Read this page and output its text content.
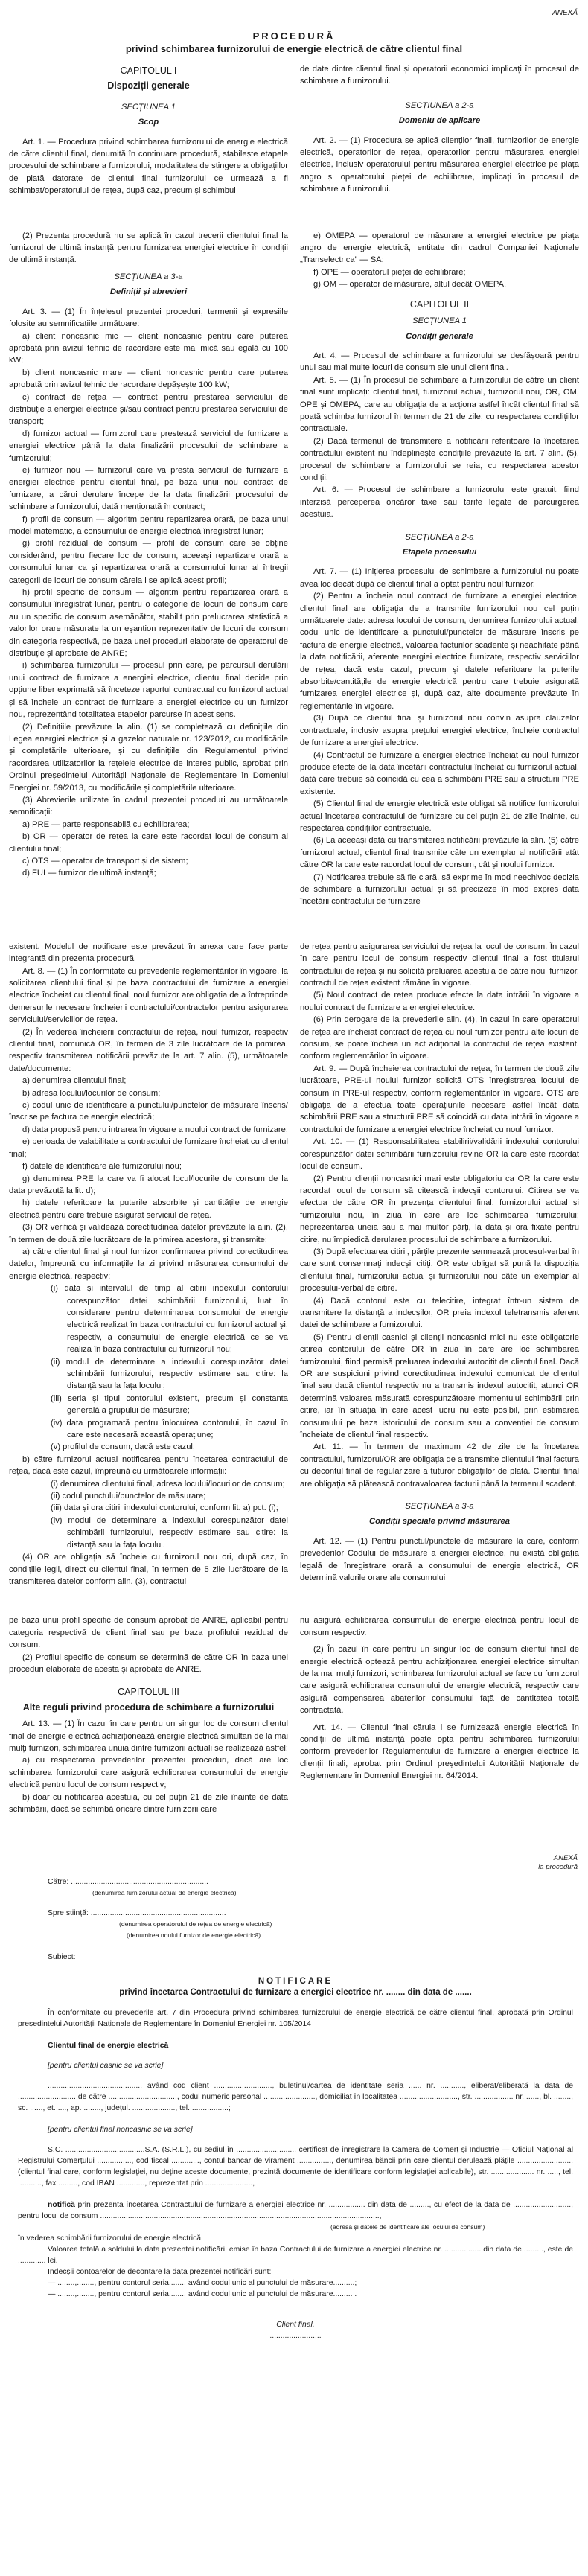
ANEXĂ
PROCEDURĂ
privind schimbarea furnizorului de energie electrică de către clientul final
CAPITOLUL I
Dispoziții generale
SECȚIUNEA 1
Scop

Art. 1. — Procedura privind schimbarea furnizorului de energie electrică de către clientul final, denumită în continuare procedură, stabilește etapele procesului de schimbare a furnizorului, modalitatea de stingere a obligațiilor de plată datorate de clientul final furnizorului ce urmează a fi schimbat/operatorului de rețea, după caz, precum și schimbul

de date dintre clientul final și operatorii economici implicați în procesul de schimbare a furnizorului.

SECȚIUNEA a 2-a
Domeniu de aplicare

Art. 2. — (1) Procedura se aplică clienților finali, furnizorilor de energie electrică, operatorilor de rețea, operatorilor pentru măsurarea energiei electrice, inclusiv operatorului pentru măsurarea energiei electrice pe piața angro și operatorului pieței de echilibrare, implicați în procesul de schimbare a furnizorului.

(2) Prezenta procedură nu se aplică în cazul trecerii clientului final la furnizorul de ultimă instanță pentru furnizarea energiei electrice în condiții de ultimă instanță.

SECȚIUNEA a 3-a
Definiții și abrevieri

Art. 3. — (1) În înțelesul prezentei proceduri, termenii și expresiile folosite au semnificațiile următoare:

a) client noncasnic mic — client noncasnic pentru care puterea aprobată prin avizul tehnic de racordare este mai mică sau egală cu 100 kW;

b) client noncasnic mare — client noncasnic pentru care puterea aprobată prin avizul tehnic de racordare depășește 100 kW;

c) contract de rețea — contract pentru prestarea serviciului de distribuție a energiei electrice și/sau contract pentru prestarea serviciului de transport;

d) furnizor actual — furnizorul care prestează serviciul de furnizare a energiei electrice până la data finalizării procesului de schimbare a furnizorului;

e) furnizor nou — furnizorul care va presta serviciul de furnizare a energiei electrice pentru clientul final, pe baza unui nou contract de furnizare, a cărui derulare începe de la data finalizării procesului de schimbare a furnizorului, dată menționată în contract;

f) profil de consum — algoritm pentru repartizarea orară, pe baza unui model matematic, a consumului de energie electrică înregistrat lunar;

g) profil rezidual de consum — profil de consum care se obține considerând, pentru fiecare loc de consum, aceeași repartizare orară a consumului lunar ca și repartizarea orară a consumului lunar al întregii categorii de locuri de consum căreia i se aplică acest profil;

h) profil specific de consum — algoritm pentru repartizarea orară a consumului înregistrat lunar, pentru o categorie de locuri de consum care au un specific de consum asemănător, stabilit prin prelucrarea statistică a valorilor orare măsurate la un eșantion reprezentativ de locuri de consum din categoria respectivă, pe baza unei proceduri elaborate de operatorul de distribuție și aprobate de ANRE;

i) schimbarea furnizorului — procesul prin care, pe parcursul derulării unui contract de furnizare a energiei electrice, clientul final decide prin opțiune liber exprimată să înceteze raportul contractual cu furnizorul actual și să încheie un contract de furnizare a energiei electrice cu un furnizor nou, reprezentând totalitatea etapelor parcurse în acest sens.

(2) Definițiile prevăzute la alin. (1) se completează cu definițiile din Legea energiei electrice și a gazelor naturale nr. 123/2012, cu modificările și completările ulterioare, și cu definițiile din Regulamentul privind racordarea utilizatorilor la rețelele electrice de interes public, aprobat prin Ordinul președintelui Autorității Naționale de Reglementare în Domeniul Energiei nr. 59/2013, cu modificările și completările ulterioare.

(3) Abrevierile utilizate în cadrul prezentei proceduri au următoarele semnificații:

a) PRE — parte responsabilă cu echilibrarea;

b) OR — operator de rețea la care este racordat locul de consum al clientului final;

c) OTS — operator de transport și de sistem;

d) FUI — furnizor de ultimă instanță;

e) OMEPA — operatorul de măsurare a energiei electrice pe piața angro de energie electrică, entitate din cadrul Companiei Naționale „Transelectrica” — SA;

f) OPE — operatorul pieței de echilibrare;

g) OM — operator de măsurare, altul decât OMEPA.

CAPITOLUL II
SECȚIUNEA 1
Condiții generale

Art. 4. — Procesul de schimbare a furnizorului se desfășoară pentru unul sau mai multe locuri de consum ale unui client final.

Art. 5. — (1) În procesul de schimbare a furnizorului de către un client final sunt implicați: clientul final, furnizorul actual, furnizorul nou, OR, OM, OPE și OMEPA, care au obligația de a acționa astfel încât clientul final să poată schimba furnizorul în termen de 21 de zile, cu respectarea condițiilor contractuale.

(2) Dacă termenul de transmitere a notificării referitoare la încetarea contractului existent nu îndeplinește condițiile prevăzute la art. 7 alin. (5), procesul de schimbare a furnizorului se reia, cu respectarea acestor condiții.

Art. 6. — Procesul de schimbare a furnizorului este gratuit, fiind interzisă perceperea oricăror taxe sau tarife legate de parcurgerea acestuia.

SECȚIUNEA a 2-a
Etapele procesului

Art. 7. — (1) Inițierea procesului de schimbare a furnizorului nu poate avea loc decât după ce clientul final a optat pentru noul furnizor.

(2) Pentru a încheia noul contract de furnizare a energiei electrice, clientul final are obligația de a transmite furnizorului nou cel puțin următoarele date: adresa locului de consum, denumirea furnizorului actual, codul unic de identificare a punctului/punctelor de măsurare înscris pe factura de energie electrică, valoarea facturilor scadente și neachitate până la data notificării, aferente energiei electrice furnizate, respectiv serviciilor de rețea, dacă este cazul, precum și datele referitoare la puterile absorbite/cantitățile de energie electrică pentru care trebuie asigurată furnizarea energiei electrice și, după caz, alte documente prevăzute în reglementările în vigoare.

(3) După ce clientul final și furnizorul nou convin asupra clauzelor contractuale, inclusiv asupra prețului energiei electrice, încheie contractul de furnizare a energiei electrice.

(4) Contractul de furnizare a energiei electrice încheiat cu noul furnizor produce efecte de la data încetării contractului încheiat cu furnizorul actual, dată care trebuie să coincidă cu cea a schimbării PRE sau a structurii PRE existente.

(5) Clientul final de energie electrică este obligat să notifice furnizorului actual încetarea contractului de furnizare cu cel puțin 21 de zile înainte, cu respectarea condițiilor contractuale.

(6) La aceeași dată cu transmiterea notificării prevăzute la alin. (5) către furnizorul actual, clientul final transmite câte un exemplar al notificării atât către OR la care este racordat locul de consum, cât și noului furnizor.

(7) Notificarea trebuie să fie clară, să exprime în mod neechivoc decizia de schimbare a furnizorului actual și să precizeze în mod expres data încetării contractului de furnizare

existent. Modelul de notificare este prevăzut în anexa care face parte integrantă din prezenta procedură.

Art. 8. — (1) În conformitate cu prevederile reglementărilor în vigoare, la solicitarea clientului final și pe baza contractului de furnizare a energiei electrice încheiat cu clientul final, noul furnizor are obligația de a întreprinde demersurile necesare încheierii contractului/contractelor pentru asigurarea serviciului/serviciilor de rețea.

(2) În vederea încheierii contractului de rețea, noul furnizor, respectiv clientul final, comunică OR, în termen de 3 zile lucrătoare de la primirea, respectiv transmiterea notificării prevăzute la art. 7 alin. (5), următoarele date/documente:

a) denumirea clientului final;

b) adresa locului/locurilor de consum;

c) codul unic de identificare a punctului/punctelor de măsurare înscris/înscrise pe factura de energie electrică;

d) data propusă pentru intrarea în vigoare a noului contract de furnizare;

e) perioada de valabilitate a contractului de furnizare încheiat cu clientul final;

f) datele de identificare ale furnizorului nou;

g) denumirea PRE la care va fi alocat locul/locurile de consum de la data prevăzută la lit. d);

h) datele referitoare la puterile absorbite și cantitățile de energie electrică pentru care trebuie asigurat serviciul de rețea.

(3) OR verifică și validează corectitudinea datelor prevăzute la alin. (2), în termen de două zile lucrătoare de la primirea acestora, și transmite:

a) către clientul final și noul furnizor confirmarea privind corectitudinea datelor, împreună cu informațiile la zi privind măsurarea consumului de energie electrică, respectiv:

(i) data și intervalul de timp al citirii indexului contorului corespunzător datei schimbării furnizorului, luat în considerare pentru determinarea consumului de energie electrică realizat în baza contractului cu furnizorul actual și, respectiv, a consumului de energie electrică ce se va realiza în baza contractului cu furnizorul nou;

(ii) modul de determinare a indexului corespunzător datei schimbării furnizorului, respectiv estimare sau citire: la distanță sau la fața locului;

(iii) seria și tipul contorului existent, precum și constanta generală a grupului de măsurare;

(iv) data programată pentru înlocuirea contorului, în cazul în care este necesară această operațiune;

(v) profilul de consum, dacă este cazul;

b) către furnizorul actual notificarea pentru încetarea contractului de rețea, dacă este cazul, împreună cu următoarele informații:

(i) denumirea clientului final, adresa locului/locurilor de consum;

(ii) codul punctului/punctelor de măsurare;

(iii) data și ora citirii indexului contorului, conform lit. a) pct. (i);

(iv) modul de determinare a indexului corespunzător datei schimbării furnizorului, respectiv estimare sau citire: la distanță sau la fața locului.

(4) OR are obligația să încheie cu furnizorul nou ori, după caz, în condițiile legii, direct cu clientul final, în termen de 5 zile lucrătoare de la transmiterea datelor conform alin. (3), contractul

de rețea pentru asigurarea serviciului de rețea la locul de consum. În cazul în care pentru locul de consum respectiv clientul final a fost titularul contractului de rețea și nu solicită preluarea acestuia de către noul furnizor, contractul de rețea existent rămâne în vigoare.

(5) Noul contract de rețea produce efecte la data intrării în vigoare a noului contract de furnizare a energiei electrice.

(6) Prin derogare de la prevederile alin. (4), în cazul în care operatorul de rețea are încheiat contract de rețea cu noul furnizor pentru alte locuri de consum, se poate încheia un act adițional la contractul de rețea existent, conform reglementărilor în vigoare.

Art. 9. — După încheierea contractului de rețea, în termen de două zile lucrătoare, PRE-ul noului furnizor solicită OTS înregistrarea locului de consum în PRE-ul respectiv, conform reglementărilor în vigoare. OTS are obligația de a efectua toate operațiunile necesare astfel încât data schimbării PRE sau a structurii PRE să coincidă cu data intrării în vigoare a contractului de furnizare a energiei electrice încheiat cu noul furnizor.

Art. 10. — (1) Responsabilitatea stabilirii/validării indexului contorului corespunzător datei schimbării furnizorului revine OR la care este racordat locul de consum.

(2) Pentru clienții noncasnici mari este obligatoriu ca OR la care este racordat locul de consum să citească indecșii contorului. Citirea se va efectua de către OR în prezența clientului final, furnizorului actual și furnizorului nou, în ziua în care are loc schimbarea furnizorului; neprezentarea uneia sau a mai multor părți, la data și ora fixate pentru citire, nu împiedică derularea procesului de schimbare a furnizorului.

(3) După efectuarea citirii, părțile prezente semnează procesul-verbal în care sunt consemnați indecșii citiți. OR este obligat să pună la dispoziția clientului final, furnizorului actual și furnizorului nou câte un exemplar al procesului-verbal de citire.

(4) Dacă contorul este cu telecitire, integrat într-un sistem de transmitere la distanță a indecșilor, OR preia indexul teletransmis aferent datei de schimbare a furnizorului.

(5) Pentru clienții casnici și clienții noncasnici mici nu este obligatorie citirea contorului de către OR în ziua în care are loc schimbarea furnizorului, fiind permisă preluarea indexului autocitit de clientul final. Dacă OR are suspiciuni privind corectitudinea indexului comunicat de clientul final sau dacă clientul respectiv nu a transmis indexul autocitit, atunci OR determină valoarea măsurată corespunzătoare momentului schimbării prin citire, iar în situația în care acest lucru nu este posibil, prin estimarea consumului pe baza istoricului de consum sau a convenției de consum încheiate de clientul final respectiv.

Art. 11. — În termen de maximum 42 de zile de la încetarea contractului, furnizorul/OR are obligația de a transmite clientului final factura cu decontul final de regularizare a tuturor obligațiilor de plată. Clientul final are obligația să plătească contravaloarea facturii până la termenul scadent.

SECȚIUNEA a 3-a
Condiții speciale privind măsurarea

Art. 12. — (1) Pentru punctul/punctele de măsurare la care, conform prevederilor Codului de măsurare a energiei electrice, nu există obligația legală de înregistrare orară a consumului de energie electrică, OR determină valorile orare ale consumului

pe baza unui profil specific de consum aprobat de ANRE, aplicabil pentru categoria respectivă de client final sau pe baza profilului rezidual de consum.

(2) Profilul specific de consum se determină de către OR în baza unei proceduri elaborate de acesta și aprobate de ANRE.

CAPITOLUL III
Alte reguli privind procedura de schimbare a furnizorului

Art. 13. — (1) În cazul în care pentru un singur loc de consum clientul final de energie electrică achiziționează energie electrică simultan de la mai mulți furnizori, schimbarea unuia dintre furnizorii actuali se realizează astfel:

a) cu respectarea prevederilor prezentei proceduri, dacă are loc schimbarea furnizorului care asigură echilibrarea consumului de energie electrică pentru locul de consum respectiv;

b) doar cu notificarea acestuia, cu cel puțin 21 de zile înainte de data schimbării, dacă se schimbă oricare dintre furnizorii care

nu asigură echilibrarea consumului de energie electrică pentru locul de consum respectiv.

(2) În cazul în care pentru un singur loc de consum clientul final de energie electrică optează pentru achiziționarea energiei electrice simultan de la mai mulți furnizori, schimbarea furnizorului actual se face cu furnizorul care asigură echilibrarea consumului de energie electrică, respectiv care asigură compensarea abaterilor consumului față de cantitatea totală contractată.

Art. 14. — Clientul final căruia i se furnizează energie electrică în condiții de ultimă instanță poate opta pentru schimbarea furnizorului conform prevederilor Regulamentului de furnizare a energiei electrice la clienții finali, aprobat prin Ordinul președintelui Autorității Naționale de Reglementare în Domeniul Energiei nr. 64/2014.

ANEXĂ
la procedură

Către: ................................................................

(denumirea furnizorului actual de energie electrică)

Spre știință: ...............................................................

(denumirea operatorului de rețea de energie electrică)

(denumirea noului furnizor de energie electrică)

Subiect:

NOTIFICARE
privind încetarea Contractului de furnizare a energiei electrice nr. ........ din data de .......

În conformitate cu prevederile art. 7 din Procedura privind schimbarea furnizorului de energie electrică de către clientul final, aprobată prin Ordinul președintelui Autorității Naționale de Reglementare în Domeniul Energiei nr. 105/2014

Clientul final de energie electrică

[pentru clientul casnic se va scrie]

..........................................., având cod client ..........................., buletinul/cartea de identitate seria ...... nr. ..........., eliberat/eliberată la data de ........................... de către ................................, codul numeric personal ........................, domiciliat în localitatea ..........................., str. .................. nr. ......, bl. ........, sc. ......, et. ...., ap. ........, județul. ...................., tel. .................;

[pentru clientul final noncasnic se va scrie]

S.C. .....................................S.A. (S.R.L.), cu sediul în ..........................., certificat de înregistrare la Camera de Comerț și Industrie — Oficiul Național al Registrului Comerțului ................, cod fiscal ............., contul bancar de virament ................, denumirea băncii prin care clientul derulează plățile ..........................(clientul final care, conform legislației, nu deține aceste documente, prezintă documente de identificare conform legislației aplicabile), str. .................... nr. ....., tel. ..........., fax ........., cod IBAN ............., reprezentat prin ......................,

notifică prin prezenta încetarea Contractului de furnizare a energiei electrice nr. ................. din data de ........., cu efect de la data de ..........................., pentru locul de consum ..................................................................................................................................,

(adresa și datele de identificare ale locului de consum)

în vederea schimbării furnizorului de energie electrică.

Valoarea totală a soldului la data prezentei notificări, emise în baza Contractului de furnizare a energiei electrice nr. ................. din data de ........., este de ............. lei.

Indecșii contoarelor de decontare la data prezentei notificări sunt:

— ........,........, pentru contorul seria......., având codul unic al punctului de măsurare..........;

— ........,........, pentru contorul seria......., având codul unic al punctului de măsurare......... .

Client final,

........................
